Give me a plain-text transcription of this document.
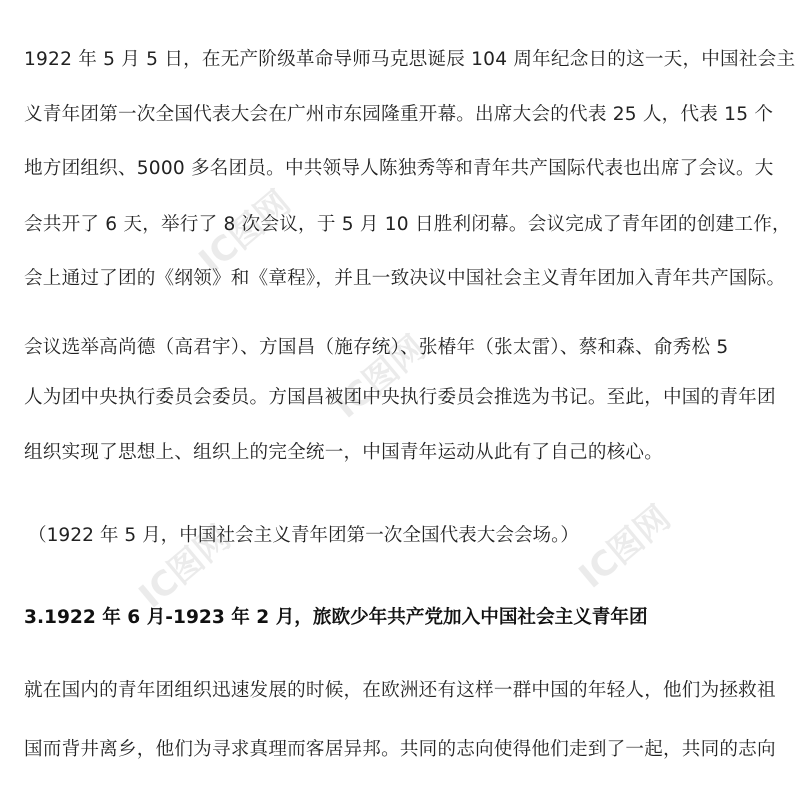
IC图网
IC图网
IC图网	IC图网
1922 年 5 月 5 日，在无产阶级革命导师马克思诞辰 104 周年纪念日的这一天，中国社会主
义青年团第一次全国代表大会在广州市东园隆重开幕。出席大会的代表 25 人，代表 15 个
地方团组织、5000 多名团员。中共领导人陈独秀等和青年共产国际代表也出席了会议。大
会共开了 6 天，举行了 8 次会议，于 5 月 10 日胜利闭幕。会议完成了青年团的创建工作，
会上通过了团的《纲领》和《章程》，并且一致决议中国社会主义青年团加入青年共产国际。
会议选举高尚德（高君宇）、方国昌（施存统）、张椿年（张太雷）、蔡和森、俞秀松 5
人为团中央执行委员会委员。方国昌被团中央执行委员会推选为书记。至此，中国的青年团
组织实现了思想上、组织上的完全统一，中国青年运动从此有了自己的核心。
（1922 年 5 月，中国社会主义青年团第一次全国代表大会会场。）
3.1922 年 6 月-1923 年 2 月，旅欧少年共产党加入中国社会主义青年团
就在国内的青年团组织迅速发展的时候，在欧洲还有这样一群中国的年轻人，他们为拯救祖
国而背井离乡，他们为寻求真理而客居异邦。共同的志向使得他们走到了一起，共同的志向
